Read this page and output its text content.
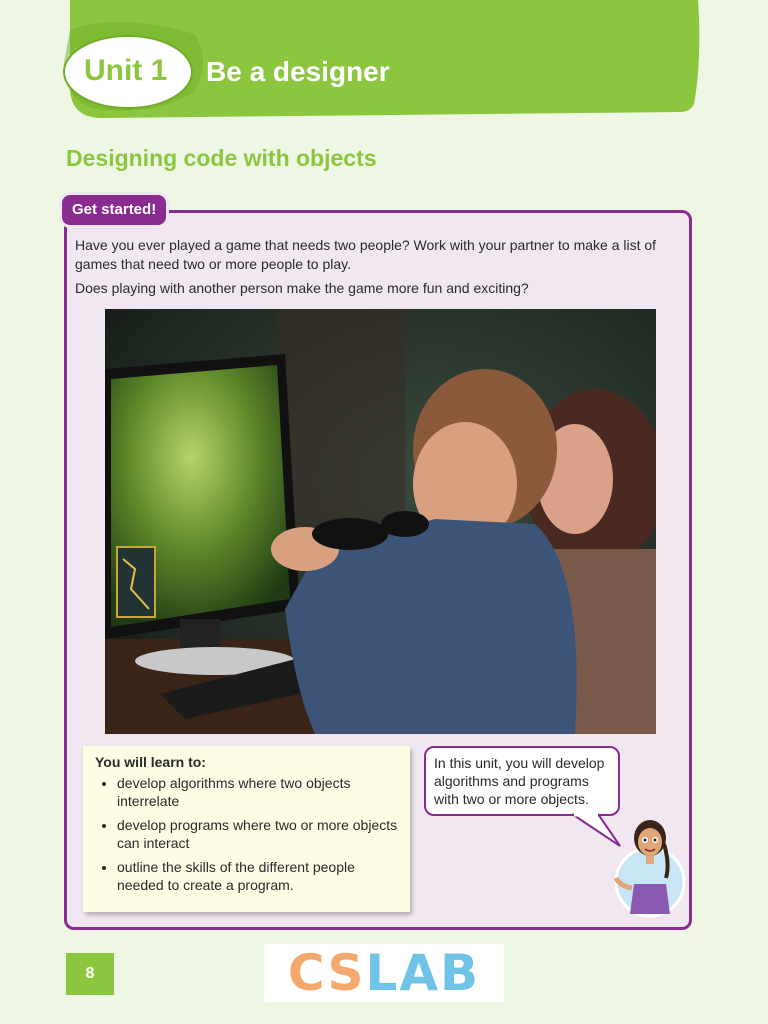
Unit 1 Be a designer
Designing code with objects
Get started!

Have you ever played a game that needs two people? Work with your partner to make a list of games that need two or more people to play.

Does playing with another person make the game more fun and exciting?

You will learn to:
• develop algorithms where two objects interrelate
• develop programs where two or more objects can interact
• outline the skills of the different people needed to create a program.
In this unit, you will develop algorithms and programs with two or more objects.
8	CSLAB
